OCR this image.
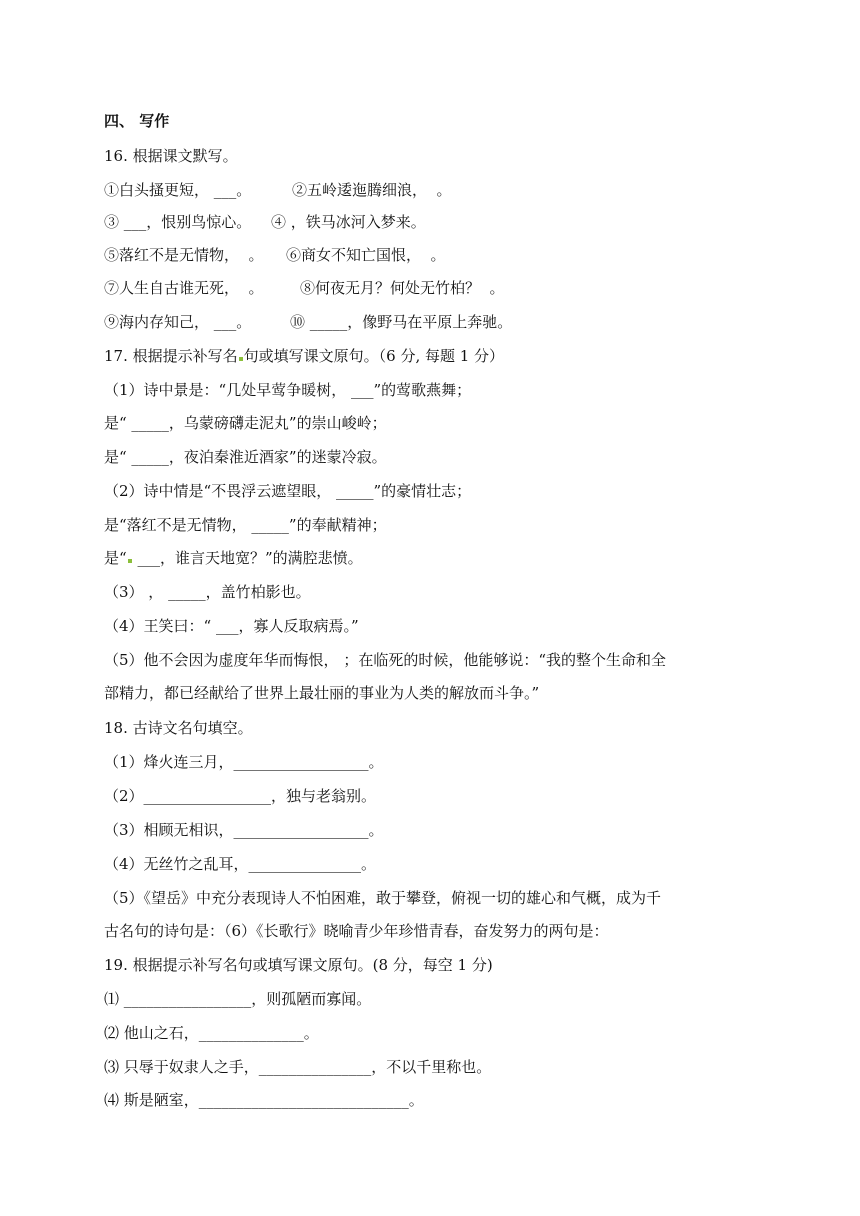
四、 写作
16. 根据课文默写。
①白头搔更短， ___。	②五岭逶迤腾细浪，  。
③ ___，恨别鸟惊心。 ④ ，铁马冰河入梦来。
⑤落红不是无情物，  。 ⑥商女不知亡国恨，  。
⑦人生自古谁无死，  。 ⑧何夜无月？何处无竹柏？  。
⑨海内存知己， ___。	⑩ _____，像野马在平原上奔驰。
17. 根据提示补写名 句或填写课文原句。（6 分, 每题 1 分）
（1）诗中景是：“几处早莺争暖树， ___”的莺歌燕舞；
是“ _____，乌蒙磅礴走泥丸”的崇山峻岭；
是“ _____，夜泊秦淮近酒家”的迷蒙冷寂。
（2）诗中情是“不畏浮云遮望眼， _____”的豪情壮志；
是“落红不是无情物， _____”的奉献精神；
是“ ___，谁言天地宽？”的满腔悲愤。
（3） ， _____，盖竹柏影也。
（4）王笑曰：“ ___，寡人反取病焉。”
（5）他不会因为虚度年华而悔恨， ；在临死的时候，他能够说：“我的整个生命和全
部精力，都已经献给了世界上最壮丽的事业为人类的解放而斗争。”
18. 古诗文名句填空。
（1）烽火连三月，__________________。
（2）_________________，独与老翁别。
（3）相顾无相识，__________________。
（4）无丝竹之乱耳，_______________。
（5）《望岳》中充分表现诗人不怕困难，敢于攀登，俯视一切的雄心和气概，成为千
古名句的诗句是：（6）《长歌行》晓喻青少年珍惜青春，奋发努力的两句是：
19. 根据提示补写名句或填写课文原句。(8 分，每空 1 分)
⑴ _________________，则孤陋而寡闻。
⑵ 他山之石，______________。
⑶ 只辱于奴隶人之手，_______________，不以千里称也。
⑷ 斯是陋室，____________________________。
